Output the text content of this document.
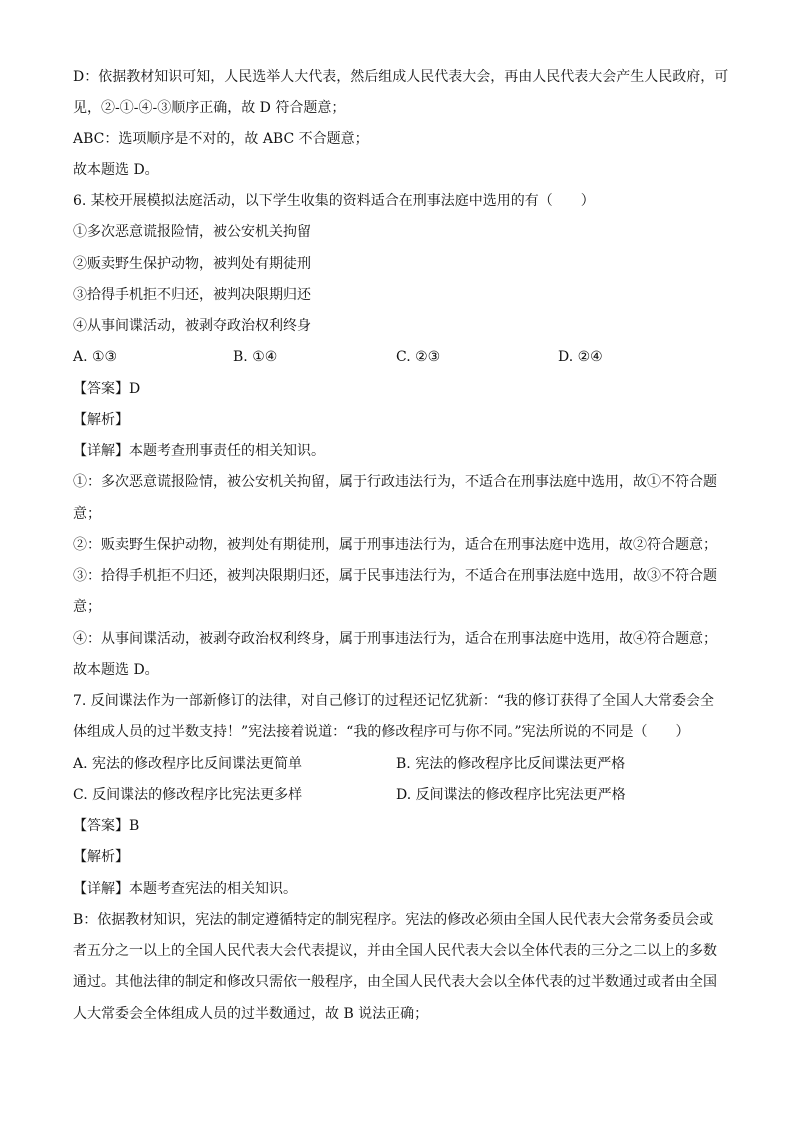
D：依据教材知识可知，人民选举人大代表，然后组成人民代表大会，再由人民代表大会产生人民政府，可
见，②-①-④-③顺序正确，故 D 符合题意；
ABC：选项顺序是不对的，故 ABC 不合题意；
故本题选 D。
6. 某校开展模拟法庭活动，以下学生收集的资料适合在刑事法庭中选用的有（　　）
①多次恶意谎报险情，被公安机关拘留
②贩卖野生保护动物，被判处有期徒刑
③拾得手机拒不归还，被判决限期归还
④从事间谍活动，被剥夺政治权利终身
A. ①③	B. ①④	C. ②③	D. ②④
【答案】D
【解析】
【详解】本题考查刑事责任的相关知识。
①：多次恶意谎报险情，被公安机关拘留，属于行政违法行为，不适合在刑事法庭中选用，故①不符合题
意；
②：贩卖野生保护动物，被判处有期徒刑，属于刑事违法行为，适合在刑事法庭中选用，故②符合题意；
③：拾得手机拒不归还，被判决限期归还，属于民事违法行为，不适合在刑事法庭中选用，故③不符合题
意；
④：从事间谍活动，被剥夺政治权利终身，属于刑事违法行为，适合在刑事法庭中选用，故④符合题意；
故本题选 D。
7. 反间谍法作为一部新修订的法律，对自己修订的过程还记忆犹新：“我的修订获得了全国人大常委会全
体组成人员的过半数支持！”宪法接着说道：“我的修改程序可与你不同。”宪法所说的不同是（　　）
A. 宪法的修改程序比反间谍法更简单	B. 宪法的修改程序比反间谍法更严格
C. 反间谍法的修改程序比宪法更多样	D. 反间谍法的修改程序比宪法更严格
【答案】B
【解析】
【详解】本题考查宪法的相关知识。
B：依据教材知识，宪法的制定遵循特定的制宪程序。宪法的修改必须由全国人民代表大会常务委员会或
者五分之一以上的全国人民代表大会代表提议，并由全国人民代表大会以全体代表的三分之二以上的多数
通过。其他法律的制定和修改只需依一般程序，由全国人民代表大会以全体代表的过半数通过或者由全国
人大常委会全体组成人员的过半数通过，故 B 说法正确；
